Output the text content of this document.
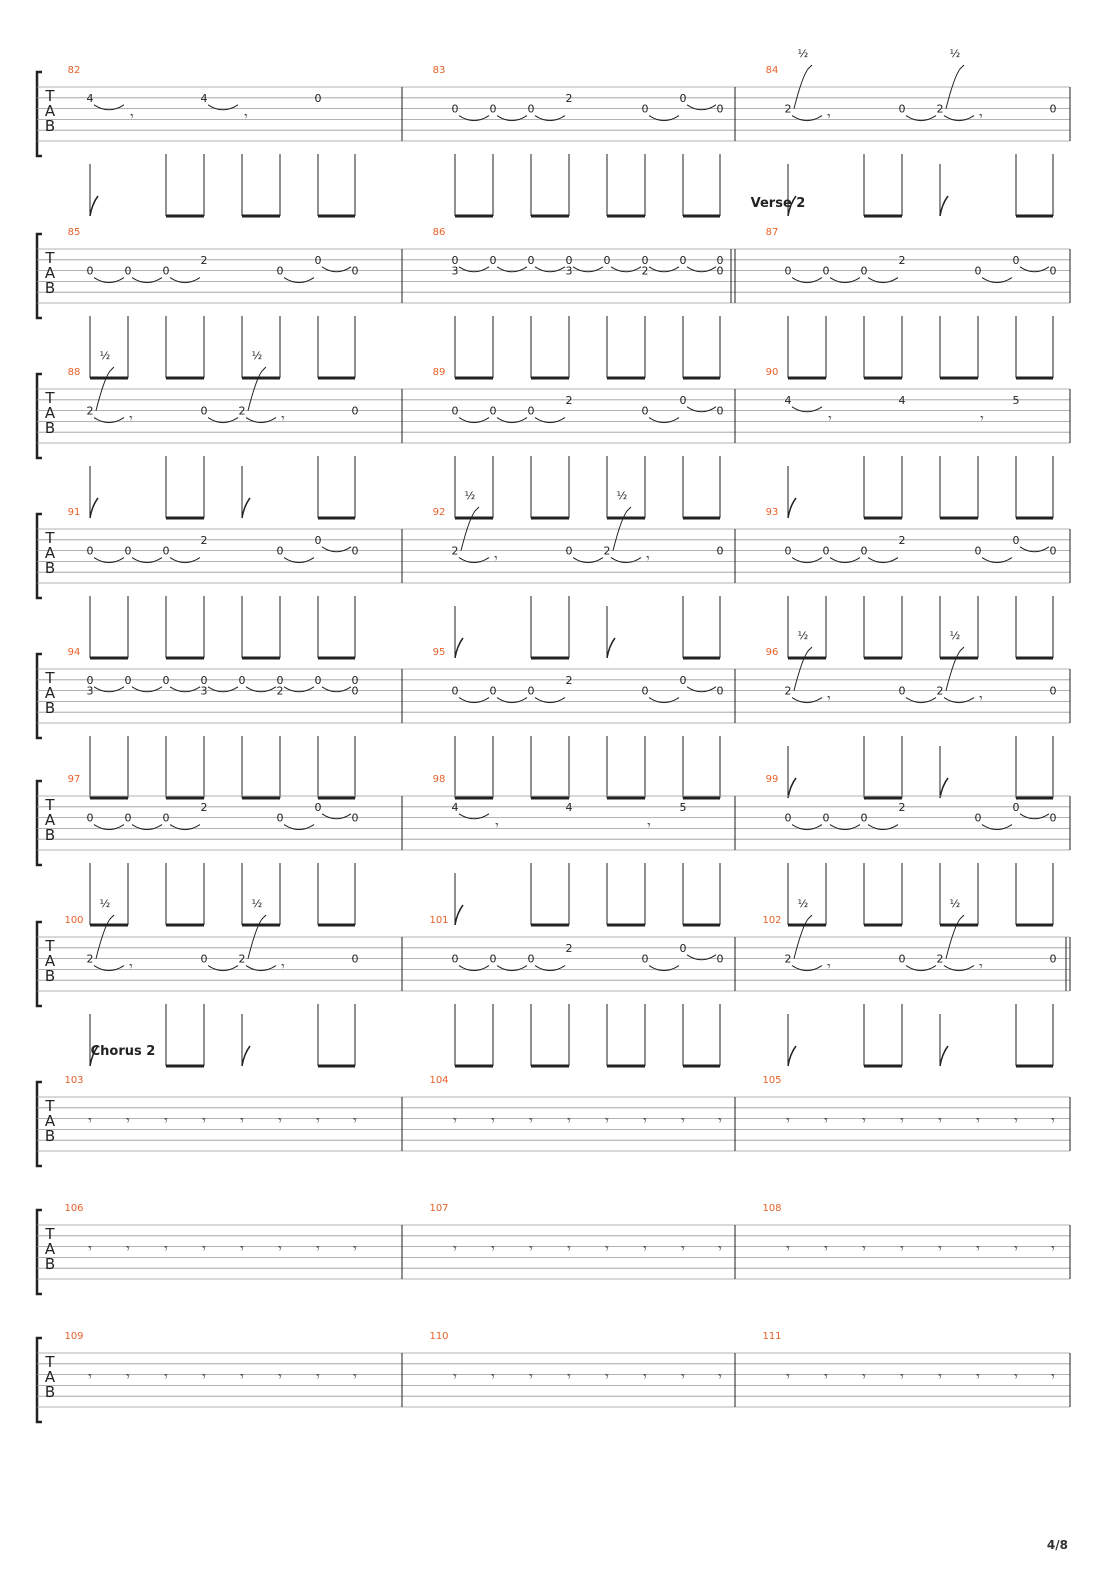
T
A
B
82
4	4	0
𝄾	𝄾
83
0	0	0
2
0
0
0
84
2	0	2	0
𝄾	𝄾
½	½
T
A
B
Verse 2
85
0	0	0
2
0
0
0
86
0	0	0	0	0	0	0	0
3	3	2	0
87
0	0	0
2
0
0
0
T
A
B
88
2	0	2	0
𝄾	𝄾
½	½
89
0	0	0
2
0
0
0
90
4	4	5
𝄾	𝄾
T
A
B
91
0	0	0
2
0
0
0
92
2	0	2	0
𝄾	𝄾
½	½
93
0	0	0
2
0
0
0
T
A
B
94
0	0	0	0	0	0	0	0
3	3	2	0
95
0	0	0
2
0
0
0
96
2	0	2	0
𝄾	𝄾
½	½
T
A
B
97
0	0	0
2
0
0
0
98
4	4	5
𝄾	𝄾
99
0	0	0
2
0
0
0
T
A
B
100
2	0	2	0
𝄾	𝄾
½	½
101
0	0	0
2
0
0
0
102
2	0	2	0
𝄾	𝄾
½	½
T
A
B
Chorus 2
103
𝄾 𝄾 𝄾 𝄾 𝄾 𝄾 𝄾 𝄾
104
𝄾 𝄾 𝄾 𝄾 𝄾 𝄾 𝄾 𝄾
105
𝄾 𝄾 𝄾 𝄾 𝄾 𝄾 𝄾 𝄾
T
A
B
106
𝄾 𝄾 𝄾 𝄾 𝄾 𝄾 𝄾 𝄾
107
𝄾 𝄾 𝄾 𝄾 𝄾 𝄾 𝄾 𝄾
108
𝄾 𝄾 𝄾 𝄾 𝄾 𝄾 𝄾 𝄾
T
A
B
109
𝄾 𝄾 𝄾 𝄾 𝄾 𝄾 𝄾 𝄾
110
𝄾 𝄾 𝄾 𝄾 𝄾 𝄾 𝄾 𝄾
111
𝄾 𝄾 𝄾 𝄾 𝄾 𝄾 𝄾 𝄾
4/8
